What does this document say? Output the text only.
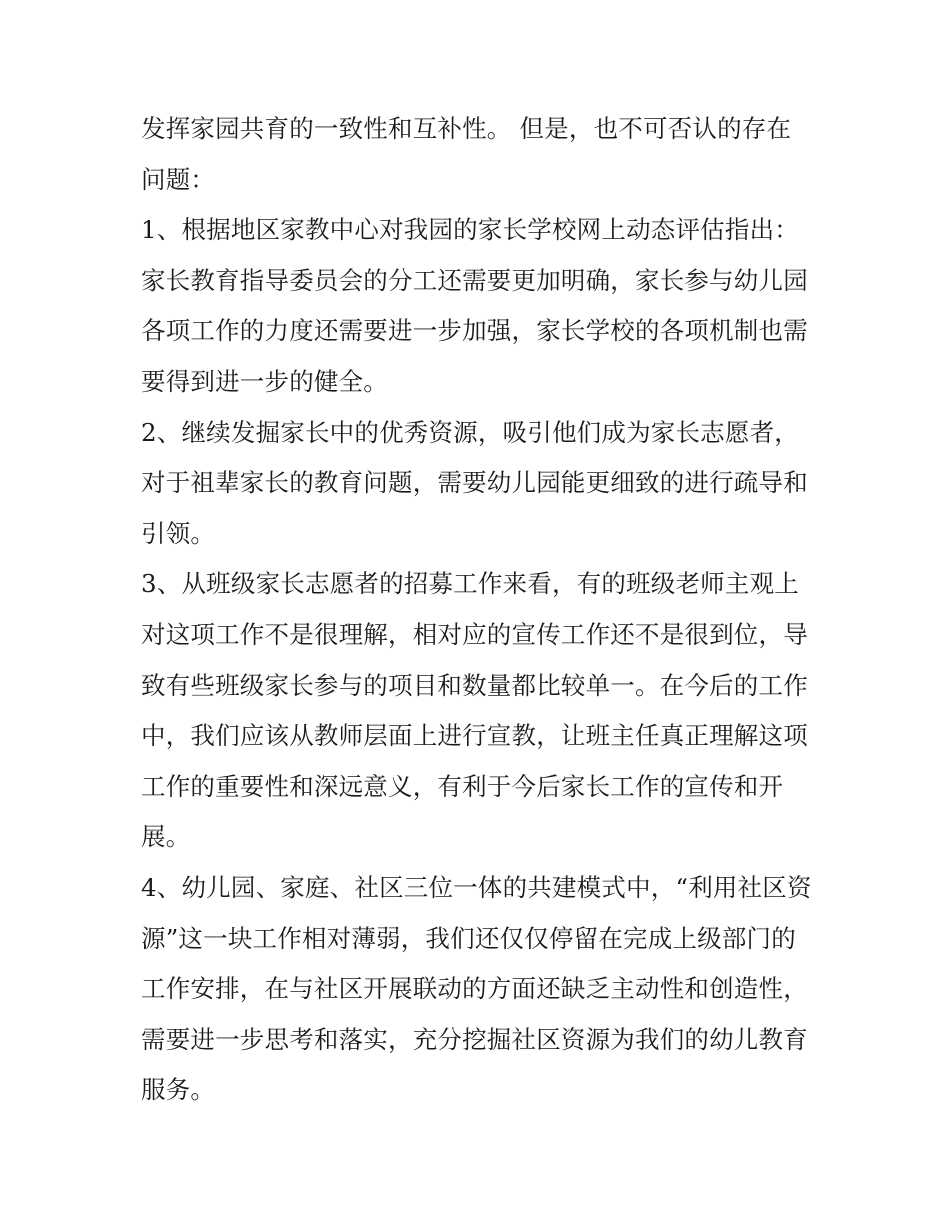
发挥家园共育的一致性和互补性。 但是，也不可否认的存在
问题：

1、根据地区家教中心对我园的家长学校网上动态评估指出：
家长教育指导委员会的分工还需要更加明确，家长参与幼儿园
各项工作的力度还需要进一步加强，家长学校的各项机制也需
要得到进一步的健全。

2、继续发掘家长中的优秀资源，吸引他们成为家长志愿者，
对于祖辈家长的教育问题，需要幼儿园能更细致的进行疏导和
引领。

3、从班级家长志愿者的招募工作来看，有的班级老师主观上
对这项工作不是很理解，相对应的宣传工作还不是很到位，导
致有些班级家长参与的项目和数量都比较单一。在今后的工作
中，我们应该从教师层面上进行宣教，让班主任真正理解这项
工作的重要性和深远意义，有利于今后家长工作的宣传和开
展。

4、幼儿园、家庭、社区三位一体的共建模式中，“利用社区资
源”这一块工作相对薄弱，我们还仅仅停留在完成上级部门的
工作安排，在与社区开展联动的方面还缺乏主动性和创造性，
需要进一步思考和落实，充分挖掘社区资源为我们的幼儿教育
服务。
